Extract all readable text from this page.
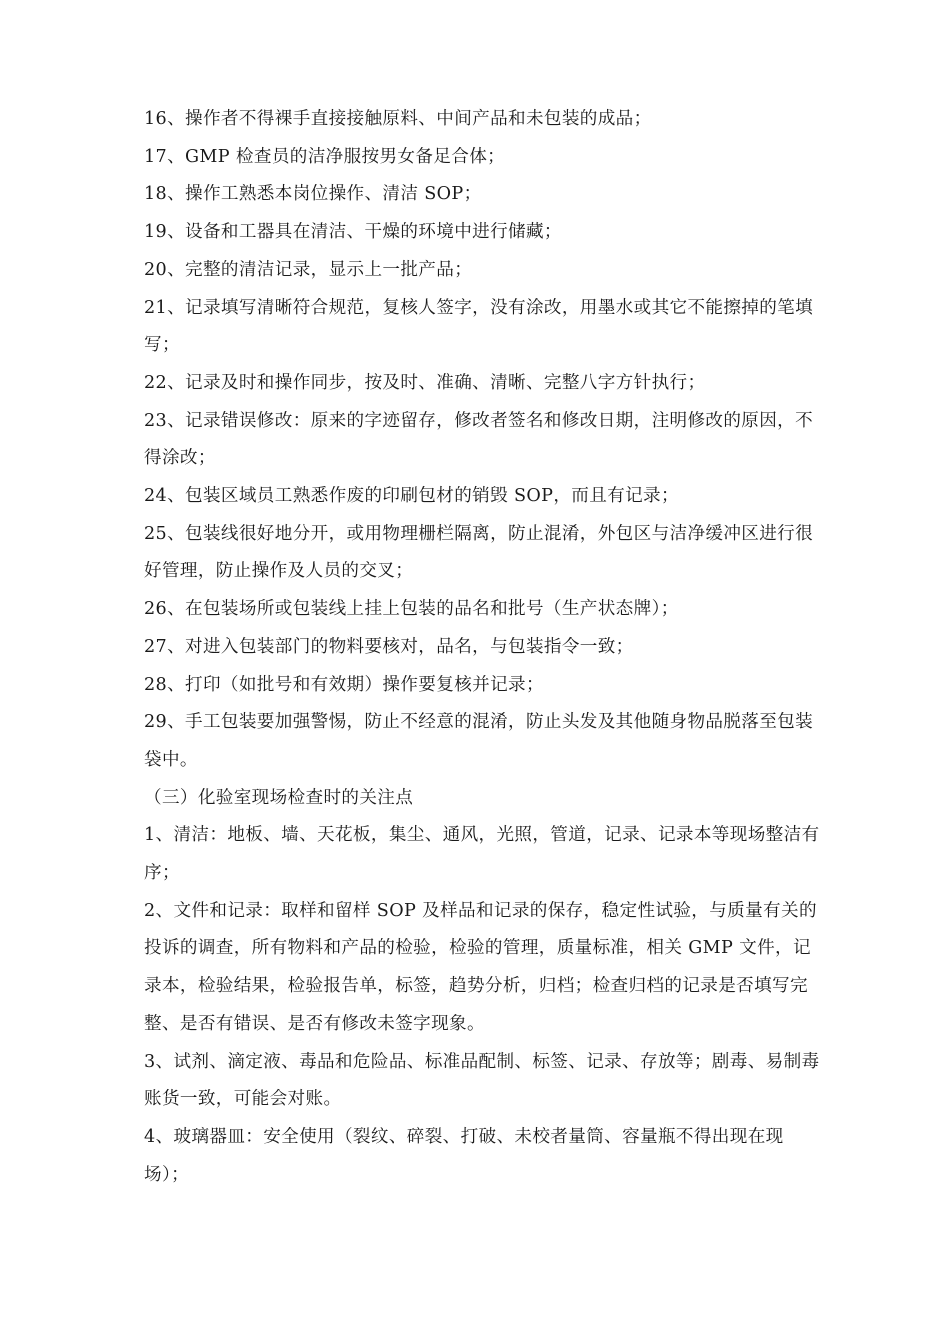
16、操作者不得裸手直接接触原料、中间产品和未包装的成品；

17、GMP 检查员的洁净服按男女备足合体；

18、操作工熟悉本岗位操作、清洁 SOP；

19、设备和工器具在清洁、干燥的环境中进行储藏；

20、完整的清洁记录，显示上一批产品；

21、记录填写清晰符合规范，复核人签字，没有涂改，用墨水或其它不能擦掉的笔填写；

22、记录及时和操作同步，按及时、准确、清晰、完整八字方针执行；

23、记录错误修改：原来的字迹留存，修改者签名和修改日期，注明修改的原因，不得涂改；

24、包装区域员工熟悉作废的印刷包材的销毁 SOP，而且有记录；

25、包装线很好地分开，或用物理栅栏隔离，防止混淆，外包区与洁净缓冲区进行很好管理，防止操作及人员的交叉；

26、在包装场所或包装线上挂上包装的品名和批号（生产状态牌）；

27、对进入包装部门的物料要核对，品名，与包装指令一致；

28、打印（如批号和有效期）操作要复核并记录；

29、手工包装要加强警惕，防止不经意的混淆，防止头发及其他随身物品脱落至包装袋中。

（三）化验室现场检查时的关注点

1、清洁：地板、墙、天花板，集尘、通风，光照，管道，记录、记录本等现场整洁有序；

2、文件和记录：取样和留样 SOP 及样品和记录的保存，稳定性试验，与质量有关的投诉的调查，所有物料和产品的检验，检验的管理，质量标准，相关 GMP 文件，记录本，检验结果，检验报告单，标签，趋势分析，归档；检查归档的记录是否填写完整、是否有错误、是否有修改未签字现象。

3、试剂、滴定液、毒品和危险品、标准品配制、标签、记录、存放等；剧毒、易制毒账货一致，可能会对账。

4、玻璃器皿：安全使用（裂纹、碎裂、打破、未校者量筒、容量瓶不得出现在现场）；
